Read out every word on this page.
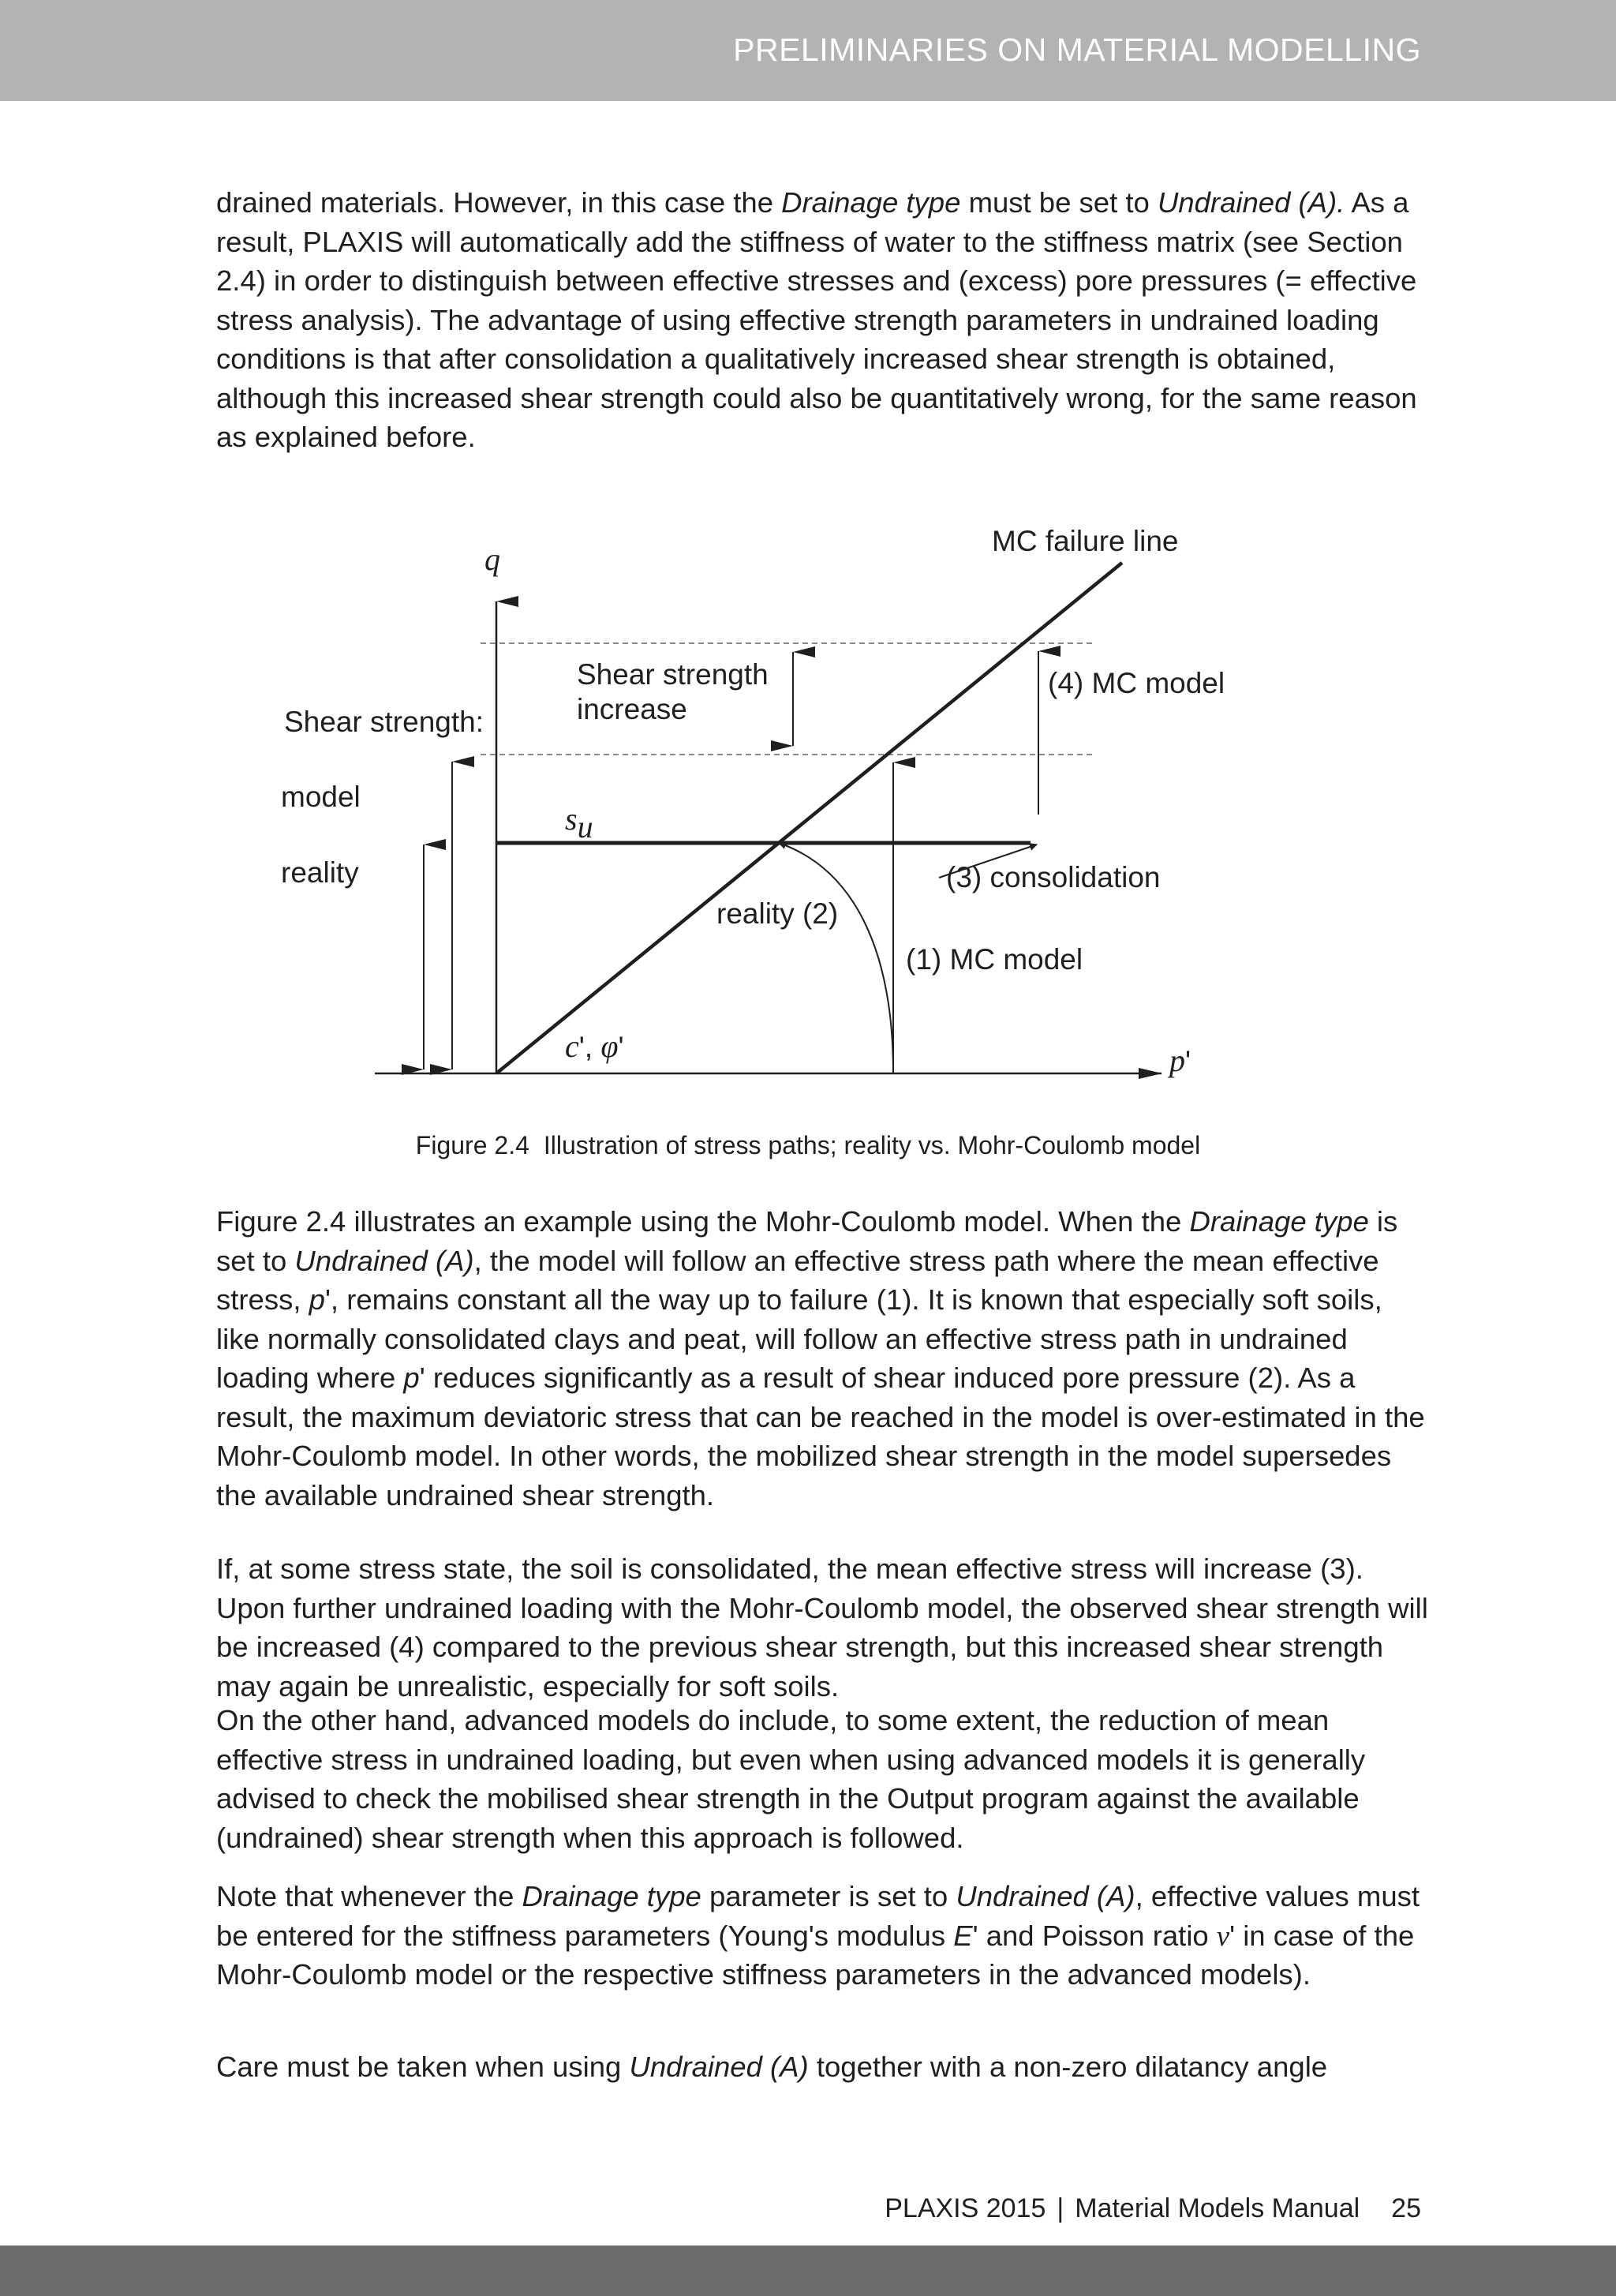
PRELIMINARIES ON MATERIAL MODELLING

drained materials. However, in this case the Drainage type must be set to Undrained (A). As a result, PLAXIS will automatically add the stiffness of water to the stiffness matrix (see Section 2.4) in order to distinguish between effective stresses and (excess) pore pressures (= effective stress analysis). The advantage of using effective strength parameters in undrained loading conditions is that after consolidation a qualitatively increased shear strength is obtained, although this increased shear strength could also be quantitatively wrong, for the same reason as explained before.

q
p'
MC failure line
Shear strength
increase
(4) MC model
Shear strength:
model
reality
su
(3) consolidation
reality (2)
(1) MC model
c', φ'
Figure 2.4 Illustration of stress paths; reality vs. Mohr-Coulomb model

Figure 2.4 illustrates an example using the Mohr-Coulomb model. When the Drainage type is set to Undrained (A), the model will follow an effective stress path where the mean effective stress, p', remains constant all the way up to failure (1). It is known that especially soft soils, like normally consolidated clays and peat, will follow an effective stress path in undrained loading where p' reduces significantly as a result of shear induced pore pressure (2). As a result, the maximum deviatoric stress that can be reached in the model is over-estimated in the Mohr-Coulomb model. In other words, the mobilized shear strength in the model supersedes the available undrained shear strength.

If, at some stress state, the soil is consolidated, the mean effective stress will increase (3). Upon further undrained loading with the Mohr-Coulomb model, the observed shear strength will be increased (4) compared to the previous shear strength, but this increased shear strength may again be unrealistic, especially for soft soils.

On the other hand, advanced models do include, to some extent, the reduction of mean effective stress in undrained loading, but even when using advanced models it is generally advised to check the mobilised shear strength in the Output program against the available (undrained) shear strength when this approach is followed.

Note that whenever the Drainage type parameter is set to Undrained (A), effective values must be entered for the stiffness parameters (Young's modulus E' and Poisson ratio ν' in case of the Mohr-Coulomb model or the respective stiffness parameters in the advanced models).

Care must be taken when using Undrained (A) together with a non-zero dilatancy angle

PLAXIS 2015 | Material Models Manual 25
